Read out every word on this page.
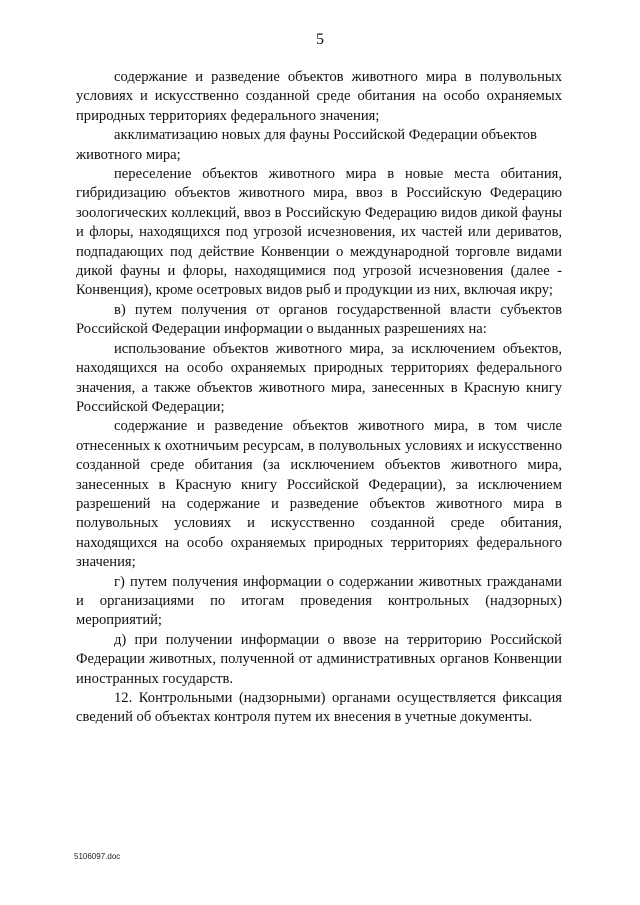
5

содержание и разведение объектов животного мира в полувольных условиях и искусственно созданной среде обитания на особо охраняемых природных территориях федерального значения;

акклиматизацию новых для фауны Российской Федерации объектов животного мира;

переселение объектов животного мира в новые места обитания, гибридизацию объектов животного мира, ввоз в Российскую Федерацию зоологических коллекций, ввоз в Российскую Федерацию видов дикой фауны и флоры, находящихся под угрозой исчезновения, их частей или дериватов, подпадающих под действие Конвенции о международной торговле видами дикой фауны и флоры, находящимися под угрозой исчезновения (далее - Конвенция), кроме осетровых видов рыб и продукции из них, включая икру;

в) путем получения от органов государственной власти субъектов Российской Федерации информации о выданных разрешениях на:

использование объектов животного мира, за исключением объектов, находящихся на особо охраняемых природных территориях федерального значения, а также объектов животного мира, занесенных в Красную книгу Российской Федерации;

содержание и разведение объектов животного мира, в том числе отнесенных к охотничьим ресурсам, в полувольных условиях и искусственно созданной среде обитания (за исключением объектов животного мира, занесенных в Красную книгу Российской Федерации), за исключением разрешений на содержание и разведение объектов животного мира в полувольных условиях и искусственно созданной среде обитания, находящихся на особо охраняемых природных территориях федерального значения;

г) путем получения информации о содержании животных гражданами и организациями по итогам проведения контрольных (надзорных) мероприятий;

д) при получении информации о ввозе на территорию Российской Федерации животных, полученной от административных органов Конвенции иностранных государств.

12. Контрольными (надзорными) органами осуществляется фиксация сведений об объектах контроля путем их внесения в учетные документы.

5106097.doc
